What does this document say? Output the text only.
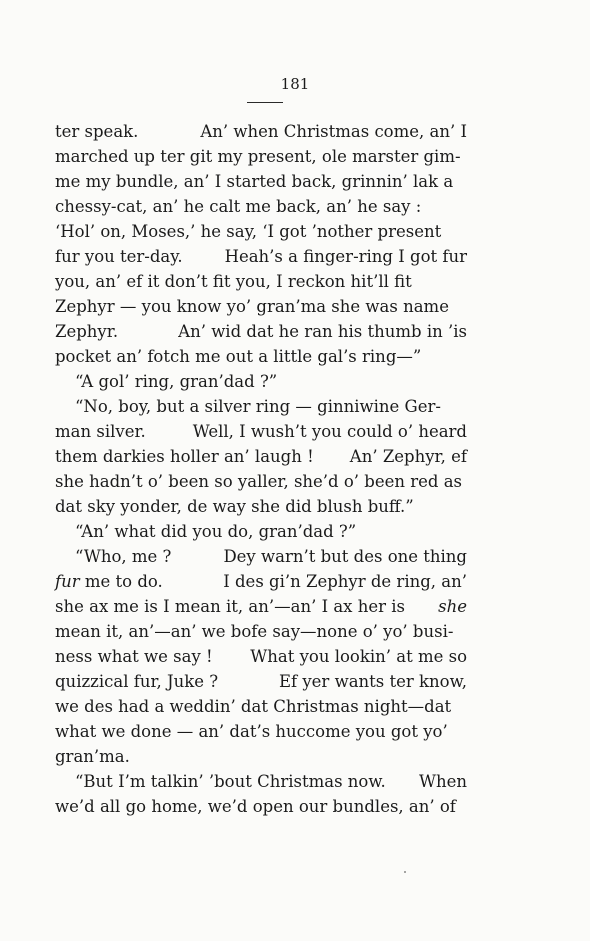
181
ter speak.	An’ when Christmas come, an’ I
marched up ter git my present, ole marster gim-
me my bundle, an’ I started back, grinnin’ lak a
chessy-cat, an’ he calt me back, an’ he say :
‘Hol’ on, Moses,’ he say, ‘I got ’nother present
fur you ter-day.	Heah’s a finger-ring I got fur
you, an’ ef it don’t fit you, I reckon hit’ll fit
Zephyr — you know yo’ gran’ma she was name
Zephyr.	An’ wid dat he ran his thumb in ’is
pocket an’ fotch me out a little gal’s ring—”
“A gol’ ring, gran’dad ?”
“No, boy, but a silver ring — ginniwine Ger-
man silver.	Well, I wush’t you could o’ heard
them darkies holler an’ laugh ! An’ Zephyr, ef
she hadn’t o’ been so yaller, she’d o’ been red as
dat sky yonder, de way she did blush buff.”
“An’ what did you do, gran’dad ?”
“Who, me ?	Dey warn’t but des one thing
fur me to do.	I des gi’n Zephyr de ring, an’
she ax me is I mean it, an’—an’ I ax her is she
mean it, an’—an’ we bofe say—none o’ yo’ busi-
ness what we say ! What you lookin’ at me so
quizzical fur, Juke ?	Ef yer wants ter know,
we des had a weddin’ dat Christmas night—dat
what we done — an’ dat’s huccome you got yo’
gran’ma.
“But I’m talkin’ ’bout Christmas now. When
we’d all go home, we’d open our bundles, an’ of
